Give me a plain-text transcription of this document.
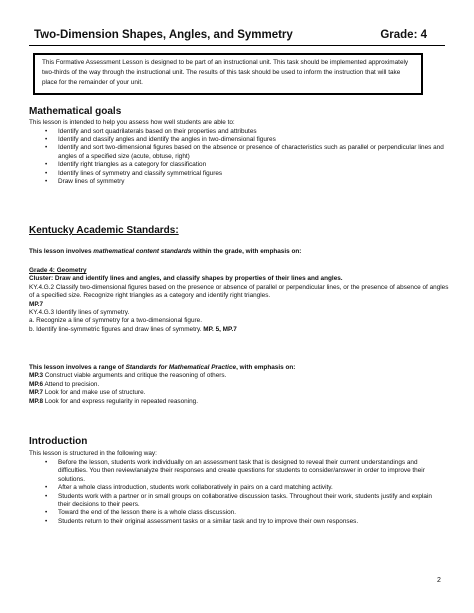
Two-Dimension Shapes, Angles, and Symmetry	Grade: 4
This Formative Assessment Lesson is designed to be part of an instructional unit. This task should be implemented approximately two-thirds of the way through the instructional unit. The results of this task should be used to inform the instruction that will take place for the remainder of your unit.
Mathematical goals
This lesson is intended to help you assess how well students are able to:
• Identify and sort quadrilaterals based on their properties and attributes
• Identify and classify angles and identify the angles in two-dimensional figures
• Identify and sort two-dimensional figures based on the absence or presence of characteristics such as parallel or perpendicular lines and angles of a specified size (acute, obtuse, right)
• Identify right triangles as a category for classification
• Identify lines of symmetry and classify symmetrical figures
• Draw lines of symmetry
Kentucky Academic Standards:
This lesson involves mathematical content standards within the grade, with emphasis on:
Grade 4: Geometry
Cluster: Draw and identify lines and angles, and classify shapes by properties of their lines and angles.
KY.4.G.2 Classify two-dimensional figures based on the presence or absence of parallel or perpendicular lines, or the presence of absence of angles of a specified size. Recognize right triangles as a category and identify right triangles.
MP.7
KY.4.G.3 Identify lines of symmetry.
a. Recognize a line of symmetry for a two-dimensional figure.
b. Identify line-symmetric figures and draw lines of symmetry. MP. 5, MP.7
This lesson involves a range of Standards for Mathematical Practice, with emphasis on:
MP.3 Construct viable arguments and critique the reasoning of others.
MP.6 Attend to precision.
MP.7 Look for and make use of structure.
MP.8 Look for and express regularity in repeated reasoning.
Introduction
This lesson is structured in the following way:
• Before the lesson, students work individually on an assessment task that is designed to reveal their current understandings and difficulties. You then review/analyze their responses and create questions for students to consider/answer in order to improve their solutions.
• After a whole class introduction, students work collaboratively in pairs on a card matching activity.
• Students work with a partner or in small groups on collaborative discussion tasks. Throughout their work, students justify and explain their decisions to their peers.
• Toward the end of the lesson there is a whole class discussion.
• Students return to their original assessment tasks or a similar task and try to improve their own responses.
2
